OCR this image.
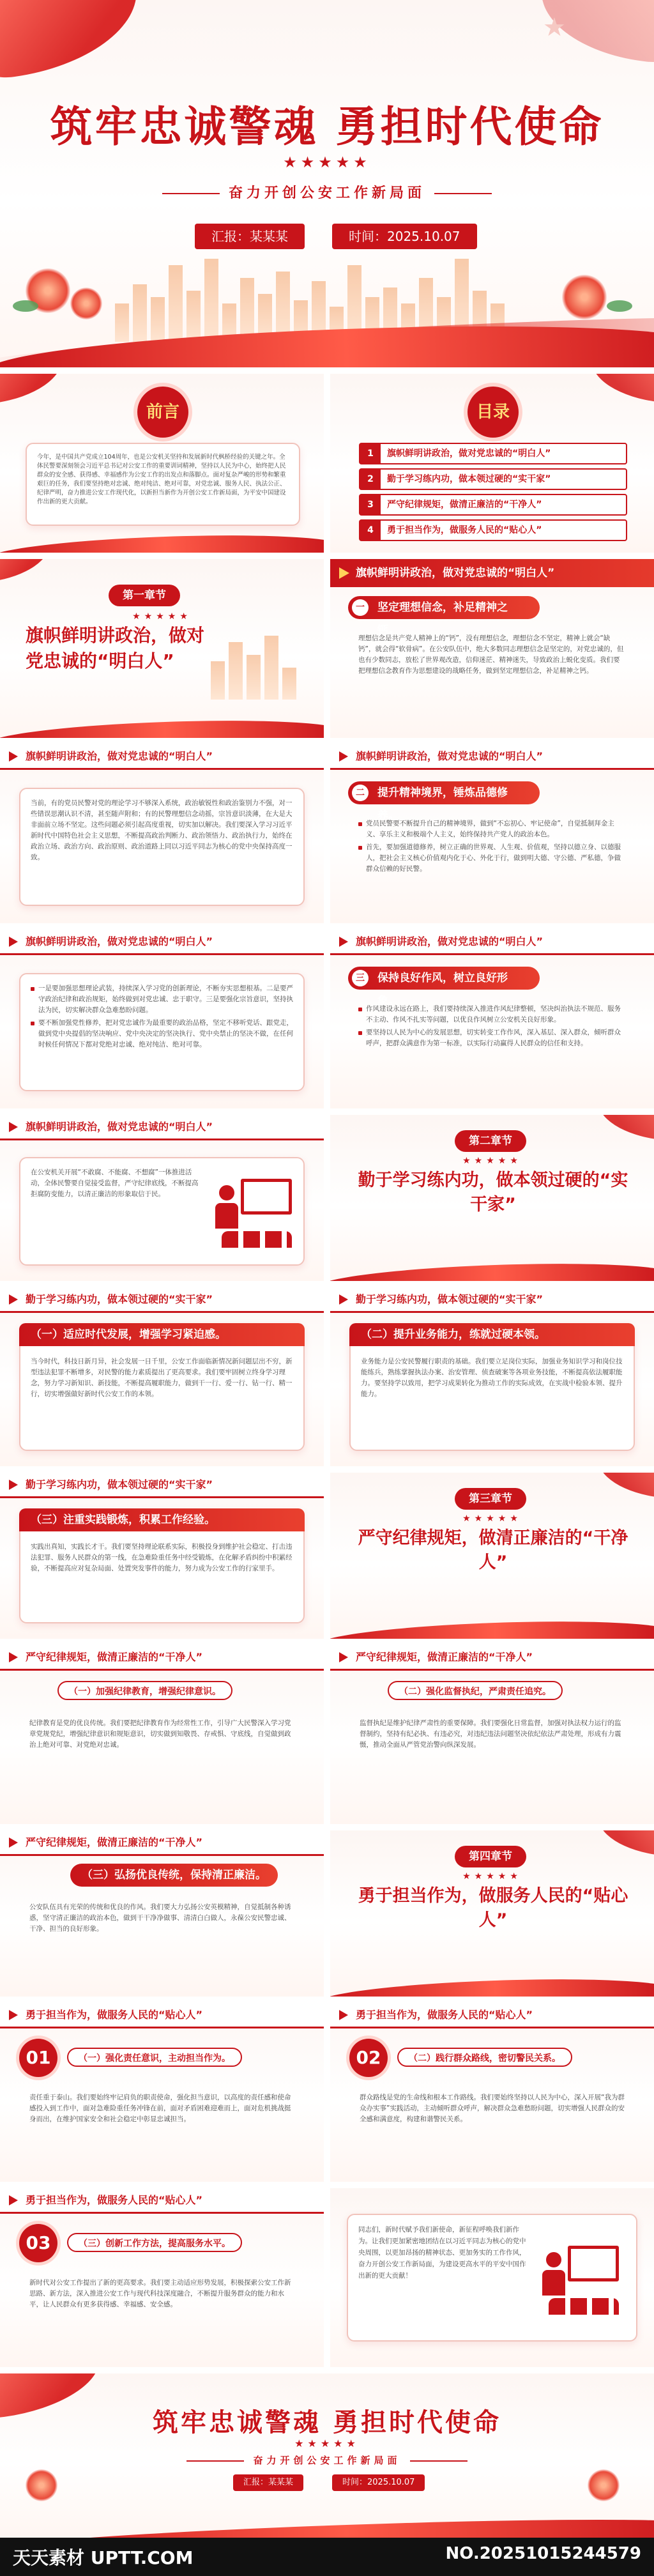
★
筑牢忠诚警魂 勇担时代使命
★★★★★
奋力开创公安工作新局面
汇报：某某某	时间：2025.10.07
前言

今年，是中国共产党成立104周年，也是公安机关坚持和发展新时代枫桥经验的关键之年。全体民警要深刻领会习近平总书记对公安工作的重要训词精神，坚持以人民为中心，始终把人民群众的安全感、获得感、幸福感作为公安工作的出发点和落脚点。面对复杂严峻的形势和繁重艰巨的任务，我们要坚持绝对忠诚、绝对纯洁、绝对可靠，对党忠诚、服务人民、执法公正、纪律严明，奋力推进公安工作现代化，以新担当新作为开创公安工作新局面，为平安中国建设作出新的更大贡献。

目录
1	旗帜鲜明讲政治，做对党忠诚的“明白人”
2	勤于学习练内功，做本领过硬的“实干家”
3	严守纪律规矩，做清正廉洁的“干净人”
4	勇于担当作为，做服务人民的“贴心人”
第一章节
★★★★★
旗帜鲜明讲政治，做对党忠诚的“明白人”
旗帜鲜明讲政治，做对党忠诚的“明白人”
一	坚定理想信念，补足精神之钙。

理想信念是共产党人精神上的“钙”，没有理想信念，理想信念不坚定，精神上就会“缺钙”，就会得“软骨病”。在公安队伍中，绝大多数同志理想信念是坚定的，对党忠诚的，但也有少数同志，放松了世界观改造，信仰迷茫、精神迷失，导致政治上蜕化变质。我们要把理想信念教育作为思想建设的战略任务，做到坚定理想信念，补足精神之钙。

旗帜鲜明讲政治，做对党忠诚的“明白人”

当前，有的党员民警对党的理论学习不够深入系统，政治敏锐性和政治鉴别力不强，对一些错误思潮认识不清，甚至随声附和；有的民警理想信念动摇，宗旨意识淡薄，在大是大非面前立场不坚定。这些问题必须引起高度重视，切实加以解决。我们要深入学习习近平新时代中国特色社会主义思想，不断提高政治判断力、政治领悟力、政治执行力，始终在政治立场、政治方向、政治原则、政治道路上同以习近平同志为核心的党中央保持高度一致。

旗帜鲜明讲政治，做对党忠诚的“明白人”
二	提升精神境界，锤炼品德修养。
党员民警要不断提升自己的精神境界，做到“不忘初心、牢记使命”，自觉抵制拜金主义、享乐主义和极端个人主义，始终保持共产党人的政治本色。
首先，要加强道德修养，树立正确的世界观、人生观、价值观，坚持以德立身、以德服人，把社会主义核心价值观内化于心、外化于行，做到明大德、守公德、严私德，争做群众信赖的好民警。
旗帜鲜明讲政治，做对党忠诚的“明白人”
一是要加强思想理论武装，持续深入学习党的创新理论，不断夯实思想根基。二是要严守政治纪律和政治规矩，始终做到对党忠诚、忠于职守。三是要强化宗旨意识，坚持执法为民，切实解决群众急难愁盼问题。
要不断加强党性修养，把对党忠诚作为最重要的政治品格，坚定不移听党话、跟党走，做到党中央提倡的坚决响应、党中央决定的坚决执行、党中央禁止的坚决不做，在任何时候任何情况下都对党绝对忠诚、绝对纯洁、绝对可靠。
旗帜鲜明讲政治，做对党忠诚的“明白人”
三	保持良好作风，树立良好形象。
作风建设永远在路上，我们要持续深入推进作风纪律整顿，坚决纠治执法不规范、服务不主动、作风不扎实等问题，以优良作风树立公安机关良好形象。
要坚持以人民为中心的发展思想，切实转变工作作风，深入基层、深入群众，倾听群众呼声，把群众满意作为第一标准，以实际行动赢得人民群众的信任和支持。
旗帜鲜明讲政治，做对党忠诚的“明白人”

在公安机关开展“不敢腐、不能腐、不想腐”一体推进活动，全体民警要自觉接受监督，严守纪律底线，不断提高拒腐防变能力，以清正廉洁的形象取信于民。

第二章节
★★★★★
勤于学习练内功，做本领过硬的“实干家”
勤于学习练内功，做本领过硬的“实干家”

当今时代，科技日新月异，社会发展一日千里，公安工作面临新情况新问题层出不穷，新型违法犯罪不断增多，对民警的能力素质提出了更高要求。我们要牢固树立终身学习理念，努力学习新知识、新技能，不断提高履职能力，做到干一行、爱一行、钻一行、精一行，切实增强做好新时代公安工作的本领。

（一）适应时代发展，增强学习紧迫感。
勤于学习练内功，做本领过硬的“实干家”

业务能力是公安民警履行职责的基础。我们要立足岗位实际，加强业务知识学习和岗位技能练兵，熟练掌握执法办案、治安管理、侦查破案等各项业务技能，不断提高依法履职能力。要坚持学以致用，把学习成果转化为推动工作的实际成效，在实战中检验本领、提升能力。

（二）提升业务能力，练就过硬本领。
勤于学习练内功，做本领过硬的“实干家”

实践出真知，实践长才干。我们要坚持理论联系实际，积极投身到维护社会稳定、打击违法犯罪、服务人民群众的第一线，在急难险重任务中经受锻炼，在化解矛盾纠纷中积累经验，不断提高应对复杂局面、处置突发事件的能力，努力成为公安工作的行家里手。

（三）注重实践锻炼，积累工作经验。
第三章节
★★★★★
严守纪律规矩，做清正廉洁的“干净人”
严守纪律规矩，做清正廉洁的“干净人”
（一）加强纪律教育，增强纪律意识。

纪律教育是党的优良传统。我们要把纪律教育作为经常性工作，引导广大民警深入学习党章党规党纪，增强纪律意识和规矩意识，切实做到知敬畏、存戒惧、守底线，自觉做到政治上绝对可靠、对党绝对忠诚。

严守纪律规矩，做清正廉洁的“干净人”
（二）强化监督执纪，严肃责任追究。

监督执纪是维护纪律严肃性的重要保障。我们要强化日常监督，加强对执法权力运行的监督制约，坚持有纪必执、有违必究，对违纪违法问题坚决依纪依法严肃处理，形成有力震慑，推动全面从严管党治警向纵深发展。

严守纪律规矩，做清正廉洁的“干净人”
（三）弘扬优良传统，保持清正廉洁。

公安队伍具有光荣的传统和优良的作风。我们要大力弘扬公安英模精神，自觉抵制各种诱惑，坚守清正廉洁的政治本色，做到干干净净做事、清清白白做人，永葆公安民警忠诚、干净、担当的良好形象。

第四章节
★★★★★
勇于担当作为，做服务人民的“贴心人”
勇于担当作为，做服务人民的“贴心人”
01	（一）强化责任意识，主动担当作为。

责任重于泰山。我们要始终牢记肩负的职责使命，强化担当意识，以高度的责任感和使命感投入到工作中，面对急难险重任务冲锋在前，面对矛盾困难迎难而上，面对危机挑战挺身而出，在维护国家安全和社会稳定中彰显忠诚担当。

勇于担当作为，做服务人民的“贴心人”
02	（二）践行群众路线，密切警民关系。

群众路线是党的生命线和根本工作路线。我们要始终坚持以人民为中心，深入开展“我为群众办实事”实践活动，主动倾听群众呼声，解决群众急难愁盼问题，切实增强人民群众的安全感和满意度，构建和谐警民关系。

勇于担当作为，做服务人民的“贴心人”
03	（三）创新工作方法，提高服务水平。

新时代对公安工作提出了新的更高要求。我们要主动适应形势发展，积极探索公安工作新思路、新方法，深入推进公安工作与现代科技深度融合，不断提升服务群众的能力和水平，让人民群众有更多获得感、幸福感、安全感。

同志们，新时代赋予我们新使命，新征程呼唤我们新作为。让我们更加紧密地团结在以习近平同志为核心的党中央周围，以更加昂扬的精神状态、更加务实的工作作风，奋力开创公安工作新局面，为建设更高水平的平安中国作出新的更大贡献！

筑牢忠诚警魂 勇担时代使命
★★★★★
奋力开创公安工作新局面
汇报：某某某	时间：2025.10.07
天天素材 UPTT.COM	NO.20251015244579
